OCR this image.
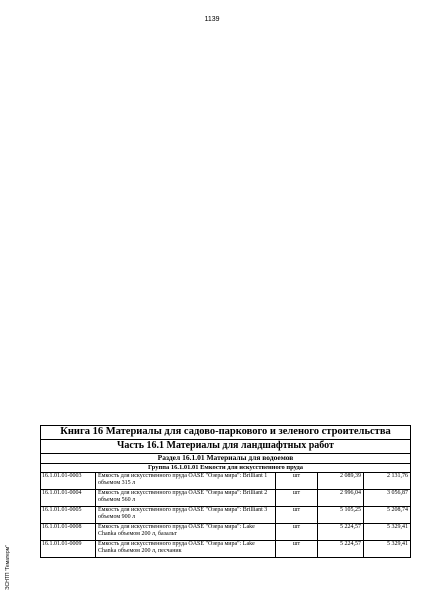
1139
ЭСНТП "Гематерм"
Книга 16 Материалы для садово-паркового и зеленого строительства				
Часть 16.1 Материалы для ландшафтных работ				
Раздел 16.1.01 Материалы для водоемов				
Группа 16.1.01.01 Емкости для искусственного пруда				
16.1.01.01-0003	Емкость для искусственного пруда OASE "Озера мира": Brilliant 1 объемом 315 л	шт	2 089,39	2 131,76
16.1.01.01-0004	Емкость для искусственного пруда OASE "Озера мира": Brilliant 2 объемом 560 л	шт	2 996,04	3 056,87
16.1.01.01-0005	Емкость для искусственного пруда OASE "Озера мира": Brilliant 3 объемом 900 л	шт	5 105,25	5 208,74
16.1.01.01-0008	Емкость для искусственного пруда OASE "Озера мира": Lake Chanka объемом 200 л, базальт	шт	5 224,57	5 329,41
16.1.01.01-0009	Емкость для искусственного пруда OASE "Озера мира": Lake Chanka объемом 200 л, песчаник	шт	5 224,57	5 329,41
